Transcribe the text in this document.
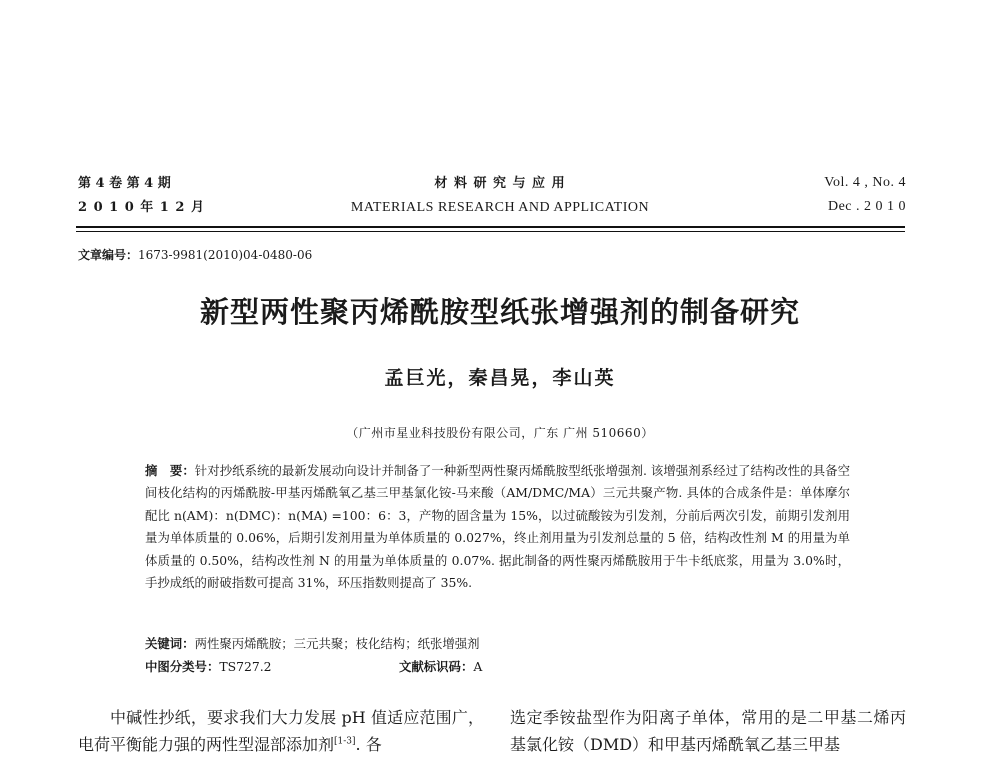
第 4 卷 第 4 期
2 0 1 0 年 1 2 月
材 料 研 究 与 应 用
MATERIALS RESEARCH AND APPLICATION
Vol. 4 , No. 4
Dec . 2 0 1 0
文章编号：1673-9981(2010)04-0480-06
新型两性聚丙烯酰胺型纸张增强剂的制备研究
孟巨光，秦昌晃，李山英
（广州市星业科技股份有限公司，广东 广州 510660）

摘　要：针对抄纸系统的最新发展动向设计并制备了一种新型两性聚丙烯酰胺型纸张增强剂. 该增强剂系经过了结构改性的具备空间枝化结构的丙烯酰胺-甲基丙烯酰氧乙基三甲基氯化铵-马来酸（AM/DMC/MA）三元共聚产物. 具体的合成条件是：单体摩尔配比 n(AM)：n(DMC)：n(MA) =100：6：3，产物的固含量为 15%，以过硫酸铵为引发剂，分前后两次引发，前期引发剂用量为单体质量的 0.06%，后期引发剂用量为单体质量的 0.027%，终止剂用量为引发剂总量的 5 倍，结构改性剂 M 的用量为单体质量的 0.50%，结构改性剂 N 的用量为单体质量的 0.07%. 据此制备的两性聚丙烯酰胺用于牛卡纸底浆，用量为 3.0%时，手抄成纸的耐破指数可提高 31%，环压指数则提高了 35%.

关键词：两性聚丙烯酰胺；三元共聚；枝化结构；纸张增强剂
中图分类号：TS727.2	文献标识码：A

中碱性抄纸，要求我们大力发展 pH 值适应范围广，电荷平衡能力强的两性型湿部添加剂[1-3]. 各

选定季铵盐型作为阳离子单体，常用的是二甲基二烯丙基氯化铵（DMD）和甲基丙烯酰氧乙基三甲基
